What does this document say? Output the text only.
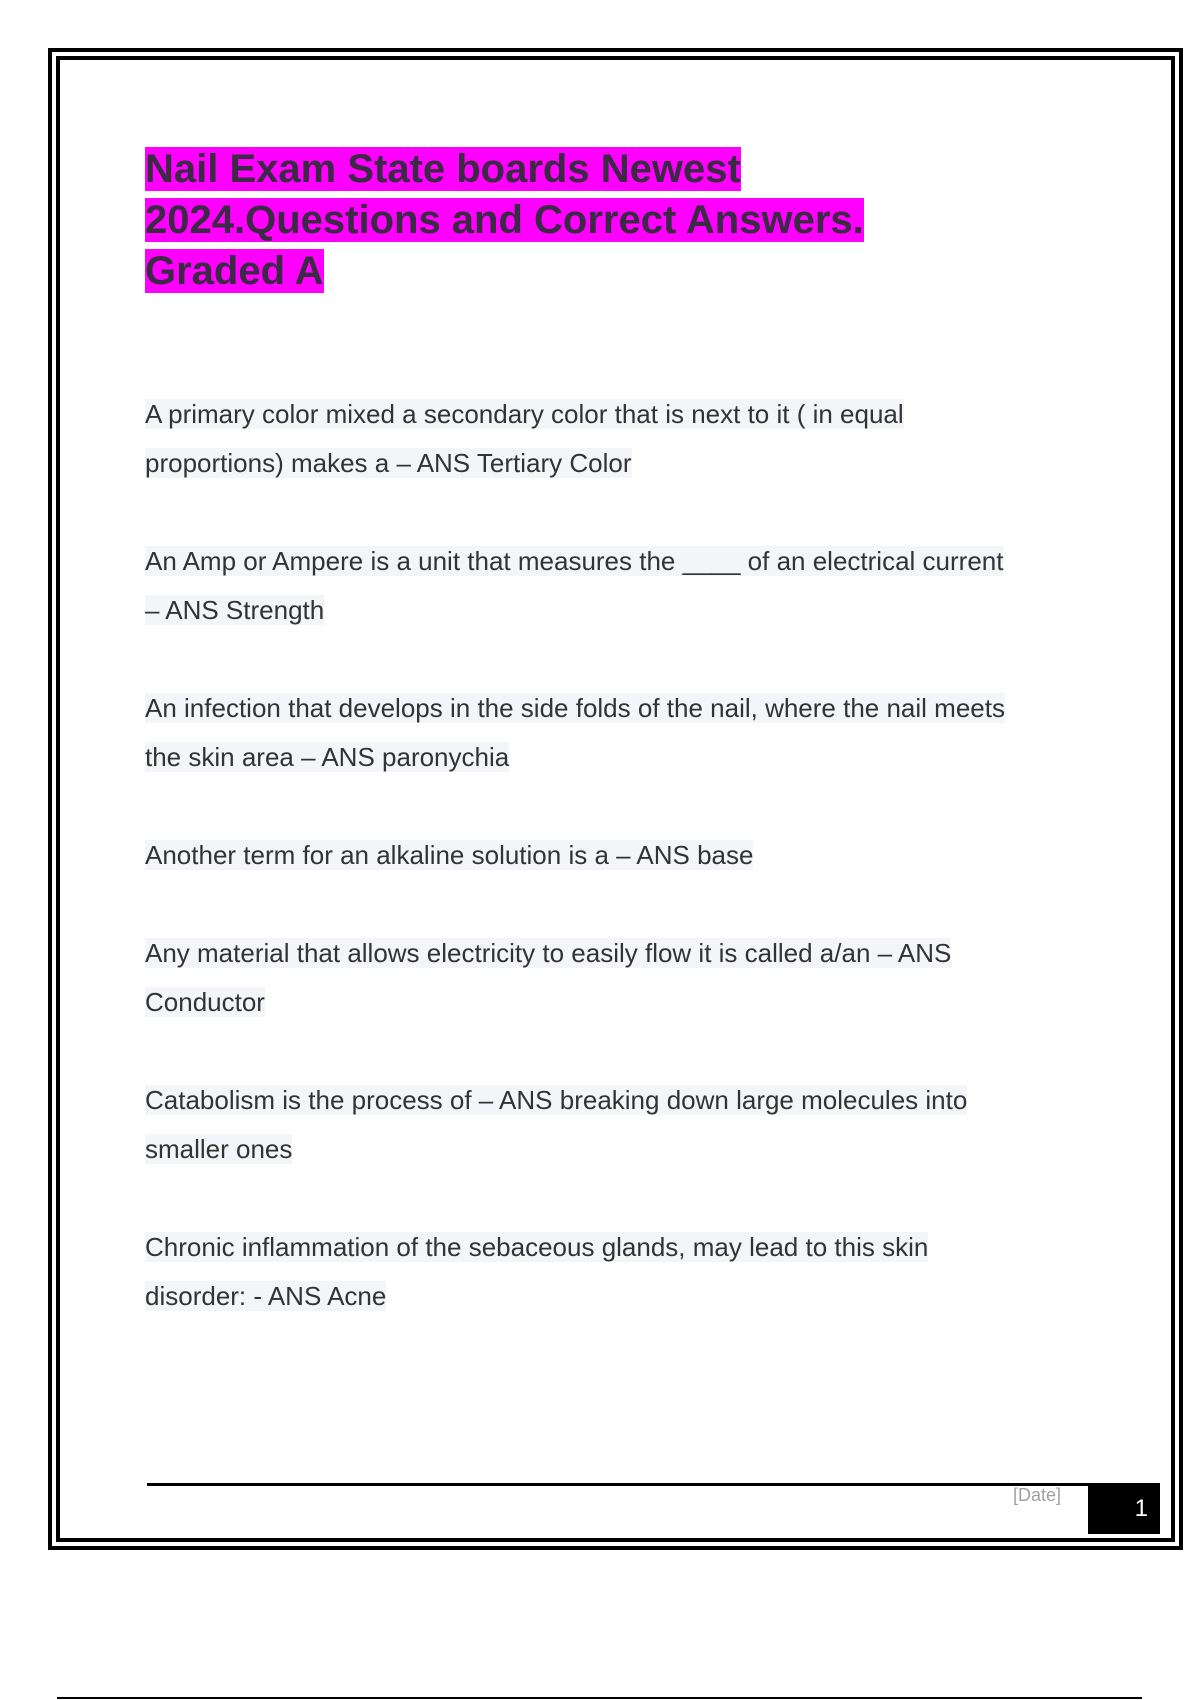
Nail Exam State boards Newest
2024.Questions and Correct Answers.
Graded A
A primary color mixed a secondary color that is next to it ( in equal
proportions) makes a – ANS Tertiary Color
An Amp or Ampere is a unit that measures the ____ of an electrical current
– ANS Strength
An infection that develops in the side folds of the nail, where the nail meets
the skin area – ANS paronychia
Another term for an alkaline solution is a – ANS base
Any material that allows electricity to easily flow it is called a/an – ANS
Conductor
Catabolism is the process of – ANS breaking down large molecules into
smaller ones
Chronic inflammation of the sebaceous glands, may lead to this skin
disorder: - ANS Acne
[Date]	1
